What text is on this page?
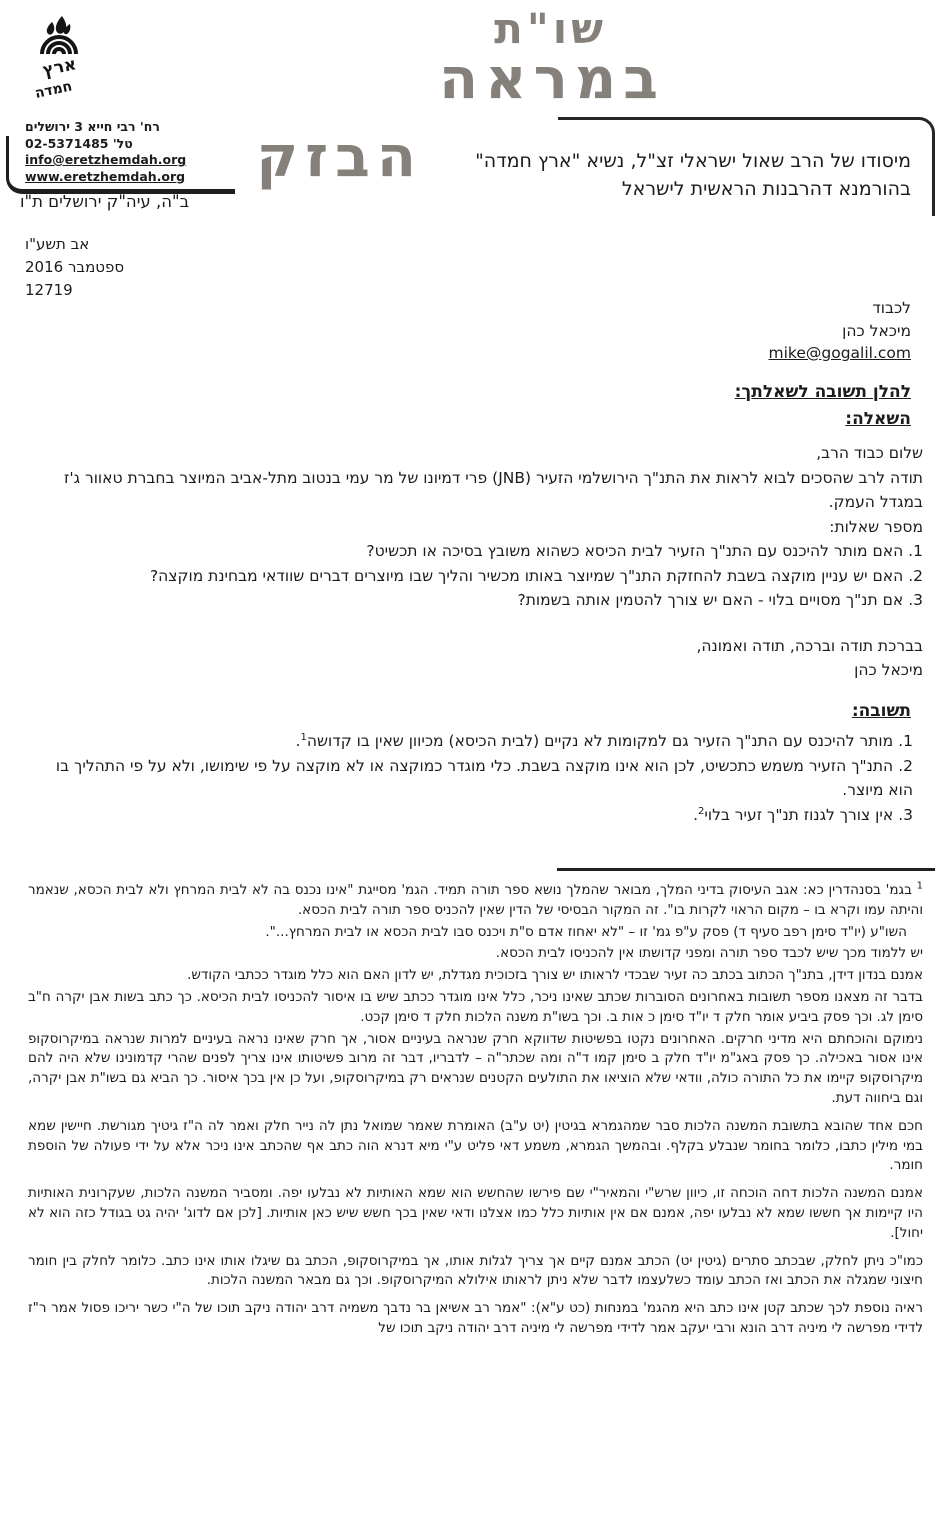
ארץ
חמדה
רח' רבי חייא 3 ירושלים
טל' 02-5371485
info@eretzhemdah.org
www.eretzhemdah.org
ב"ה, עיה"ק ירושלים ת"ו
שו"ת
במראה
הבזק	מיסודו של הרב שאול ישראלי זצ"ל, נשיא "ארץ חמדה"
בהורמנא דהרבנות הראשית לישראל
אב תשע"ו
ספטמבר 2016
12719
לכבוד
מיכאל כהן
mike@gogalil.com
להלן תשובה לשאלתך:
השאלה:
שלום כבוד הרב,
תודה לרב שהסכים לבוא לראות את התנ"ך הירושלמי הזעיר (JNB) פרי דמיונו של מר עמי בנטוב מתל-אביב המיוצר בחברת טאוור ג'ז במגדל העמק.
מספר שאלות:
1. האם מותר להיכנס עם התנ"ך הזעיר לבית הכיסא כשהוא משובץ בסיכה או תכשיט?
2. האם יש עניין מוקצה בשבת להחזקת התנ"ך שמיוצר באותו מכשיר והליך שבו מיוצרים דברים שוודאי מבחינת מוקצה?
3. אם תנ"ך מסויים בלוי - האם יש צורך להטמין אותה בשמות?
בברכת תודה וברכה, תודה ואמונה,
מיכאל כהן
תשובה:
1.מותר להיכנס עם התנ"ך הזעיר גם למקומות לא נקיים (לבית הכיסא) מכיוון שאין בו קדושה$^1$.
2.התנ"ך הזעיר משמש כתכשיט, לכן הוא אינו מוקצה בשבת. כלי מוגדר כמוקצה או לא מוקצה על פי שימושו, ולא על פי התהליך בו הוא מיוצר.
3.אין צורך לגנוז תנ"ך זעיר בלוי$^2$.

$^1$ בגמ' בסנהדרין כא: אגב העיסוק בדיני המלך, מבואר שהמלך נושא ספר תורה תמיד. הגמ' מסייגת "אינו נכנס בה לא לבית המרחץ ולא לבית הכסא, שנאמר והיתה עמו וקרא בו – מקום הראוי לקרות בו". זה המקור הבסיסי של הדין שאין להכניס ספר תורה לבית הכסא.

השו"ע (יו"ד סימן רפב סעיף ד) פסק ע"פ גמ' זו – "לא יאחוז אדם ס"ת ויכנס סבו לבית הכסא או לבית המרחץ...".

יש ללמוד מכך שיש לכבד ספר תורה ומפני קדושתו אין להכניסו לבית הכסא.

אמנם בנדון דידן, בתנ"ך הכתוב בכתב כה זעיר שבכדי לראותו יש צורך בזכוכית מגדלת, יש לדון האם הוא כלל מוגדר ככתבי הקודש.

בדבר זה מצאנו מספר תשובות באחרונים הסוברות שכתב שאינו ניכר, כלל אינו מוגדר ככתב שיש בו איסור להכניסו לבית הכיסא. כך כתב בשות אבן יקרה ח"ב סימן לג. וכך פסק ביביע אומר חלק ד יו"ד סימן כ אות ב. וכך בשו"ת משנה הלכות חלק ד סימן קכט.

נימוקם והוכחתם היא מדיני חרקים. האחרונים נקטו בפשיטות שדווקא חרק שנראה בעיניים אסור, אך חרק שאינו נראה בעיניים למרות שנראה במיקרוסקופ אינו אסור באכילה. כך פסק באג"מ יו"ד חלק ב סימן קמו ד"ה ומה שכתר"ה – לדבריו, דבר זה מרוב פשיטותו אינו צריך לפנים שהרי קדמונינו שלא היה להם מיקרוסקופ קיימו את כל התורה כולה, וודאי שלא הוציאו את התולעים הקטנים שנראים רק במיקרוסקופ, ועל כן אין בכך איסור. כך הביא גם בשו"ת אבן יקרה, וגם ביחווה דעת.

חכם אחד שהובא בתשובת המשנה הלכות סבר שמהגמרא בגיטין (יט ע"ב) האומרת שאמר שמואל נתן לה נייר חלק ואמר לה ה"ז גיטיך מגורשת. חיישין שמא במי מילין כתבו, כלומר בחומר שנבלע בקלף. ובהמשך הגמרא, משמע דאי פליט ע"י מיא דנרא הוה כתב אף שהכתב אינו ניכר אלא על ידי פעולה של הוספת חומר.

אמנם המשנה הלכות דחה הוכחה זו, כיוון שרש"י והמאיר"י שם פירשו שהחשש הוא שמא האותיות לא נבלעו יפה. ומסביר המשנה הלכות, שעקרונית האותיות היו קיימות אך חששו שמא לא נבלעו יפה, אמנם אם אין אותיות כלל כמו אצלנו ודאי שאין בכך חשש שיש כאן אותיות. [לכן אם לדוג' יהיה גט בגודל כזה הוא לא יחול].

כמו"כ ניתן לחלק, שבכתב סתרים (גיטין יט) הכתב אמנם קיים אך צריך לגלות אותו, אך במיקרוסקופ, הכתב גם שיגלו אותו אינו כתב. כלומר לחלק בין חומר חיצוני שמגלה את הכתב ואז הכתב עומד כשלעצמו לדבר שלא ניתן לראותו אילולא המיקרוסקופ. וכך גם מבאר המשנה הלכות.

ראיה נוספת לכך שכתב קטן אינו כתב היא מהגמ' במנחות (כט ע"א): "אמר רב אשיאן בר נדבך משמיה דרב יהודה ניקב תוכו של ה"י כשר יריכו פסול אמר ר"ז לדידי מפרשה לי מיניה דרב הונא ורבי יעקב אמר לדידי מפרשה לי מיניה דרב יהודה ניקב תוכו של
